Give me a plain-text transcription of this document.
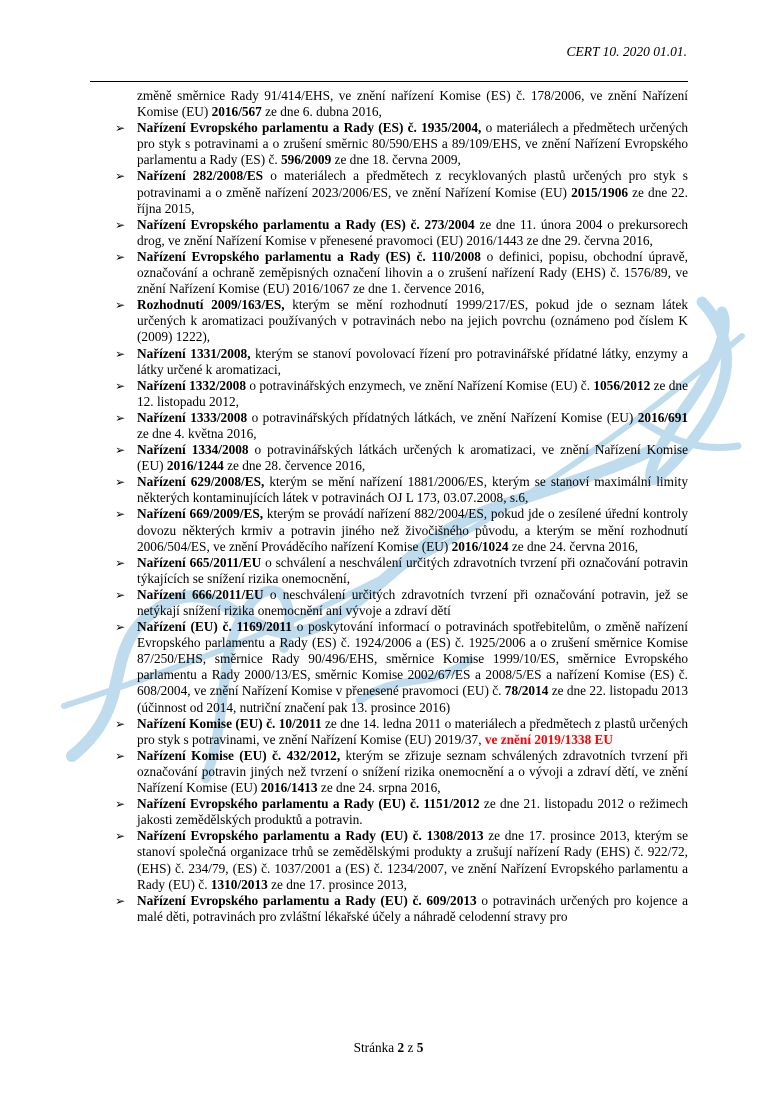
CERT 10. 2020 01.01.

změně směrnice Rady 91/414/EHS, ve znění nařízení Komise (ES) č. 178/2006, ve znění Nařízení Komise (EU) 2016/567 ze dne 6. dubna 2016,

➢ Nařízení Evropského parlamentu a Rady (ES) č. 1935/2004, o materiálech a předmětech určených pro styk s potravinami a o zrušení směrnic 80/590/EHS a 89/109/EHS, ve znění Nařízení Evropského parlamentu a Rady (ES) č. 596/2009 ze dne 18. června 2009,
➢ Nařízení 282/2008/ES o materiálech a předmětech z recyklovaných plastů určených pro styk s potravinami a o změně nařízení 2023/2006/ES, ve znění Nařízení Komise (EU) 2015/1906 ze dne 22. října 2015,
➢ Nařízení Evropského parlamentu a Rady (ES) č. 273/2004 ze dne 11. února 2004 o prekursorech drog, ve znění Nařízení Komise v přenesené pravomoci (EU) 2016/1443 ze dne 29. června 2016,
➢ Nařízení Evropského parlamentu a Rady (ES) č. 110/2008 o definici, popisu, obchodní úpravě, označování a ochraně zeměpisných označení lihovin a o zrušení nařízení Rady (EHS) č. 1576/89, ve znění Nařízení Komise (EU) 2016/1067 ze dne 1. července 2016,
➢ Rozhodnutí 2009/163/ES, kterým se mění rozhodnutí 1999/217/ES, pokud jde o seznam látek určených k aromatizaci používaných v potravinách nebo na jejich povrchu (oznámeno pod číslem K (2009) 1222),
➢ Nařízení 1331/2008, kterým se stanoví povolovací řízení pro potravinářské přídatné látky, enzymy a látky určené k aromatizaci,
➢ Nařízení 1332/2008 o potravinářských enzymech, ve znění Nařízení Komise (EU) č. 1056/2012 ze dne 12. listopadu 2012,
➢ Nařízení 1333/2008 o potravinářských přídatných látkách, ve znění Nařízení Komise (EU) 2016/691 ze dne 4. května 2016,
➢ Nařízení 1334/2008 o potravinářských látkách určených k aromatizaci, ve znění Nařízení Komise (EU) 2016/1244 ze dne 28. července 2016,
➢ Nařízení 629/2008/ES, kterým se mění nařízení 1881/2006/ES, kterým se stanoví maximální limity některých kontaminujících látek v potravinách OJ L 173, 03.07.2008, s.6,
➢ Nařízení 669/2009/ES, kterým se provádí nařízení 882/2004/ES, pokud jde o zesílené úřední kontroly dovozu některých krmiv a potravin jiného než živočišného původu, a kterým se mění rozhodnutí 2006/504/ES, ve znění Prováděcího nařízení Komise (EU) 2016/1024 ze dne 24. června 2016,
➢ Nařízení 665/2011/EU o schválení a neschválení určitých zdravotních tvrzení při označování potravin týkajících se snížení rizika onemocnění,
➢ Nařízení 666/2011/EU o neschválení určitých zdravotních tvrzení při označování potravin, jež se netýkají snížení rizika onemocnění ani vývoje a zdraví dětí
➢ Nařízení (EU) č. 1169/2011 o poskytování informací o potravinách spotřebitelům, o změně nařízení Evropského parlamentu a Rady (ES) č. 1924/2006 a (ES) č. 1925/2006 a o zrušení směrnice Komise 87/250/EHS, směrnice Rady 90/496/EHS, směrnice Komise 1999/10/ES, směrnice Evropského parlamentu a Rady 2000/13/ES, směrnic Komise 2002/67/ES a 2008/5/ES a nařízení Komise (ES) č. 608/2004, ve znění Nařízení Komise v přenesené pravomoci (EU) č. 78/2014 ze dne 22. listopadu 2013 (účinnost od 2014, nutriční značení pak 13. prosince 2016)
➢ Nařízení Komise (EU) č. 10/2011 ze dne 14. ledna 2011 o materiálech a předmětech z plastů určených pro styk s potravinami, ve znění Nařízení Komise (EU) 2019/37, ve znění 2019/1338 EU
➢ Nařízení Komise (EU) č. 432/2012, kterým se zřizuje seznam schválených zdravotních tvrzení při označování potravin jiných než tvrzení o snížení rizika onemocnění a o vývoji a zdraví dětí, ve znění Nařízení Komise (EU) 2016/1413 ze dne 24. srpna 2016,
➢ Nařízení Evropského parlamentu a Rady (EU) č. 1151/2012 ze dne 21. listopadu 2012 o režimech jakosti zemědělských produktů a potravin.
➢ Nařízení Evropského parlamentu a Rady (EU) č. 1308/2013 ze dne 17. prosince 2013, kterým se stanoví společná organizace trhů se zemědělskými produkty a zrušují nařízení Rady (EHS) č. 922/72, (EHS) č. 234/79, (ES) č. 1037/2001 a (ES) č. 1234/2007, ve znění Nařízení Evropského parlamentu a Rady (EU) č. 1310/2013 ze dne 17. prosince 2013,
➢ Nařízení Evropského parlamentu a Rady (EU) č. 609/2013 o potravinách určených pro kojence a malé děti, potravinách pro zvláštní lékařské účely a náhradě celodenní stravy pro
Stránka 2 z 5
